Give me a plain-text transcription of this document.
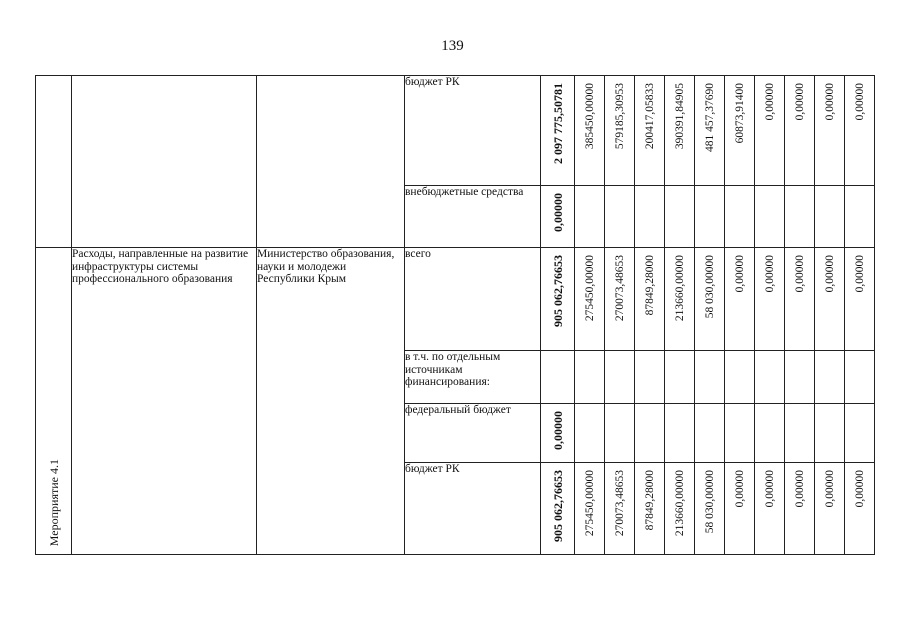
139
			бюджет РК	2 097 775,50781	385450,00000	579185,30953	200417,05833	390391,84905	481 457,37690	60873,91400	0,00000	0,00000	0,00000	0,00000

			внебюджетные средства	0,00000										

Мероприятие 4.1	Расходы, направленные на развитие инфраструктуры системы профессионального образования	Министерство образования, науки и молодежи Республики Крым	всего	905 062,76653	275450,00000	270073,48653	87849,28000	213660,00000	58 030,00000	0,00000	0,00000	0,00000	0,00000	0,00000

			в т.ч. по отдельным источникам финансирования:											
			федеральный бюджет	0,00000										

			бюджет РК	905 062,76653	275450,00000	270073,48653	87849,28000	213660,00000	58 030,00000	0,00000	0,00000	0,00000	0,00000	0,00000
